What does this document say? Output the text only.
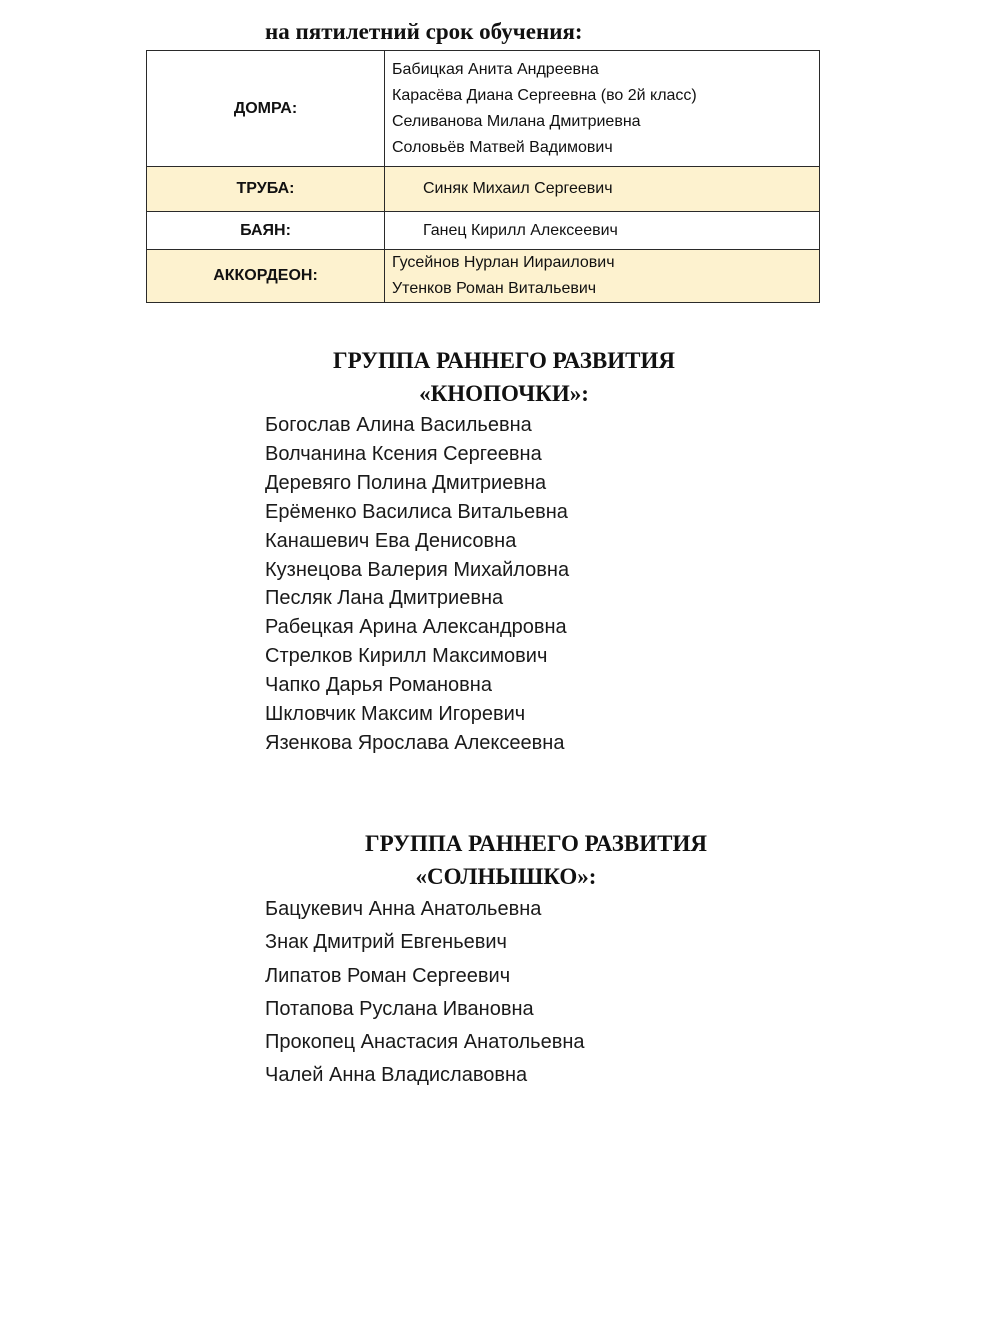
на пятилетний срок обучения:
ДОМРА:	Бабицкая Анита Андреевна
Карасёва Диана Сергеевна (во 2й класс)
Селиванова Милана Дмитриевна
Соловьёв Матвей Вадимович

ТРУБА:	Синяк Михаил Сергеевич

БАЯН:	Ганец Кирилл Алексеевич

АККОРДЕОН:	Гусейнов Нурлан Иираилович
Утенков Роман Витальевич
ГРУППА РАННЕГО РАЗВИТИЯ
«КНОПОЧКИ»:
Богослав Алина Васильевна
Волчанина Ксения Сергеевна
Деревяго Полина Дмитриевна
Ерёменко Василиса Витальевна
Канашевич Ева Денисовна
Кузнецова Валерия Михайловна
Песляк Лана Дмитриевна
Рабецкая Арина Александровна
Стрелков Кирилл Максимович
Чапко Дарья Романовна
Шкловчик Максим Игоревич
Язенкова Ярослава Алексеевна
ГРУППА РАННЕГО РАЗВИТИЯ
«СОЛНЫШКО»:
Бацукевич Анна Анатольевна
Знак Дмитрий Евгеньевич
Липатов Роман Сергеевич
Потапова Руслана Ивановна
Прокопец Анастасия Анатольевна
Чалей Анна Владиславовна
